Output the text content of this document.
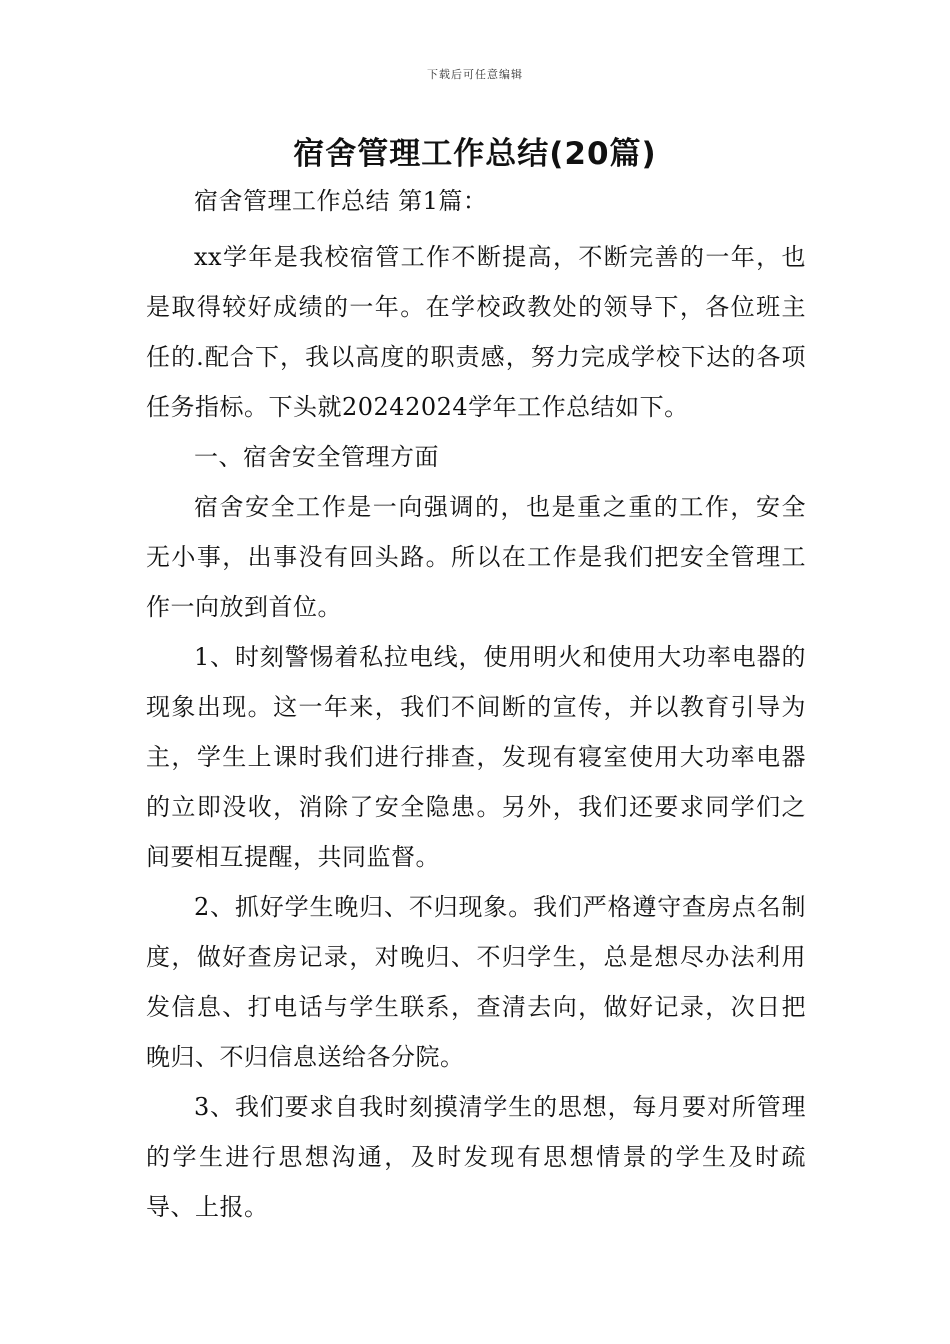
下载后可任意编辑
宿舍管理工作总结(20篇)

宿舍管理工作总结 第1篇：

xx学年是我校宿管工作不断提高，不断完善的一年，也是取得较好成绩的一年。在学校政教处的领导下，各位班主任的.配合下，我以高度的职责感，努力完成学校下达的各项任务指标。下头就20242024学年工作总结如下。

一、宿舍安全管理方面

宿舍安全工作是一向强调的，也是重之重的工作，安全无小事，出事没有回头路。所以在工作是我们把安全管理工作一向放到首位。

1、时刻警惕着私拉电线，使用明火和使用大功率电器的现象出现。这一年来，我们不间断的宣传，并以教育引导为主，学生上课时我们进行排查，发现有寝室使用大功率电器的立即没收，消除了安全隐患。另外，我们还要求同学们之间要相互提醒，共同监督。

2、抓好学生晚归、不归现象。我们严格遵守查房点名制度，做好查房记录，对晚归、不归学生，总是想尽办法利用发信息、打电话与学生联系，查清去向，做好记录，次日把晚归、不归信息送给各分院。

3、我们要求自我时刻摸清学生的思想，每月要对所管理的学生进行思想沟通，及时发现有思想情景的学生及时疏导、上报。
